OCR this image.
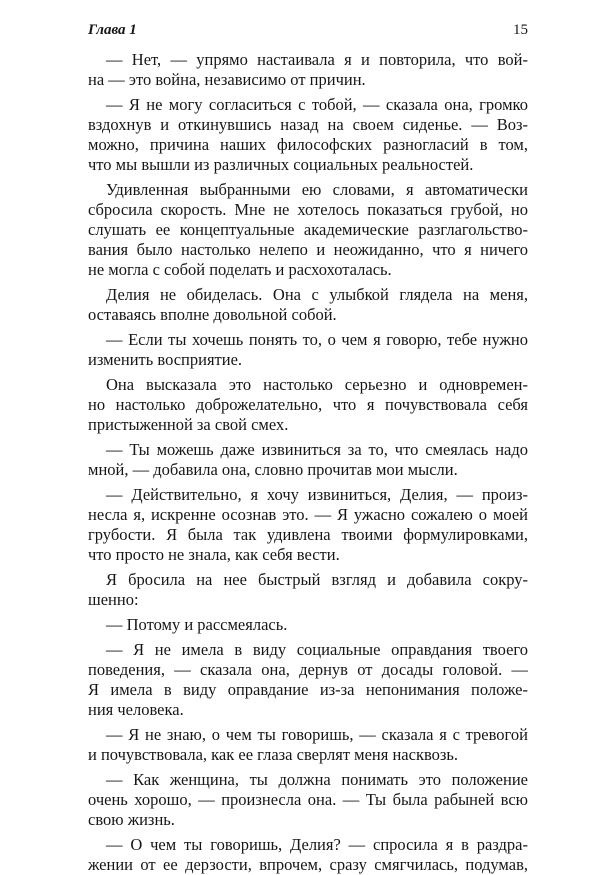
Глава 1	15
— Нет, — упрямо настаивала я и повторила, что вой-
на — это война, независимо от причин.
— Я не могу согласиться с тобой, — сказала она, громко
вздохнув и откинувшись назад на своем сиденье. — Воз-
можно, причина наших философских разногласий в том,
что мы вышли из различных социальных реальностей.
Удивленная выбранными ею словами, я автоматически
сбросила скорость. Мне не хотелось показаться грубой, но
слушать ее концептуальные академические разглагольство-
вания было настолько нелепо и неожиданно, что я ничего
не могла с собой поделать и расхохоталась.
Делия не обиделась. Она с улыбкой глядела на меня,
оставаясь вполне довольной собой.
— Если ты хочешь понять то, о чем я говорю, тебе нужно
изменить восприятие.
Она высказала это настолько серьезно и одновремен-
но настолько доброжелательно, что я почувствовала себя
пристыженной за свой смех.
— Ты можешь даже извиниться за то, что смеялась надо
мной, — добавила она, словно прочитав мои мысли.
— Действительно, я хочу извиниться, Делия, — произ-
несла я, искренне осознав это. — Я ужасно сожалею о моей
грубости. Я была так удивлена твоими формулировками,
что просто не знала, как себя вести.
Я бросила на нее быстрый взгляд и добавила сокру-
шенно:
— Потому и рассмеялась.
— Я не имела в виду социальные оправдания твоего
поведения, — сказала она, дернув от досады головой. —
Я имела в виду оправдание из-за непонимания положе-
ния человека.
— Я не знаю, о чем ты говоришь, — сказала я с тревогой
и почувствовала, как ее глаза сверлят меня насквозь.
— Как женщина, ты должна понимать это положение
очень хорошо, — произнесла она. — Ты была рабыней всю
свою жизнь.
— О чем ты говоришь, Делия? — спросила я в раздра-
жении от ее дерзости, впрочем, сразу смягчилась, подумав,
